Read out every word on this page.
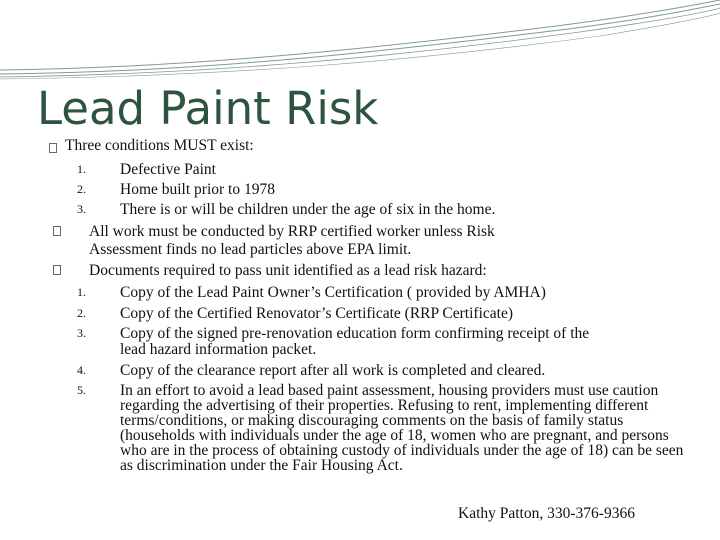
Lead Paint Risk
Three conditions MUST exist:
1. Defective Paint
2. Home built prior to 1978
3. There is or will be children under the age of six in the home.
All work must be conducted by RRP certified worker unless Risk
Assessment finds no lead particles above EPA limit.
Documents required to pass unit identified as a lead risk hazard:
1. Copy of the Lead Paint Owner’s Certification ( provided by AMHA)
2. Copy of the Certified Renovator’s Certificate (RRP Certificate)
3. Copy of the signed pre-renovation education form confirming receipt of the
lead hazard information packet.
4. Copy of the clearance report after all work is completed and cleared.
5. In an effort to avoid a lead based paint assessment, housing providers must use caution regarding the advertising of their properties. Refusing to rent, implementing different terms/conditions, or making discouraging comments on the basis of family status (households with individuals under the age of 18, women who are pregnant, and persons who are in the process of obtaining custody of individuals under the age of 18) can be seen as discrimination under the Fair Housing Act.
Kathy Patton, 330-376-9366
